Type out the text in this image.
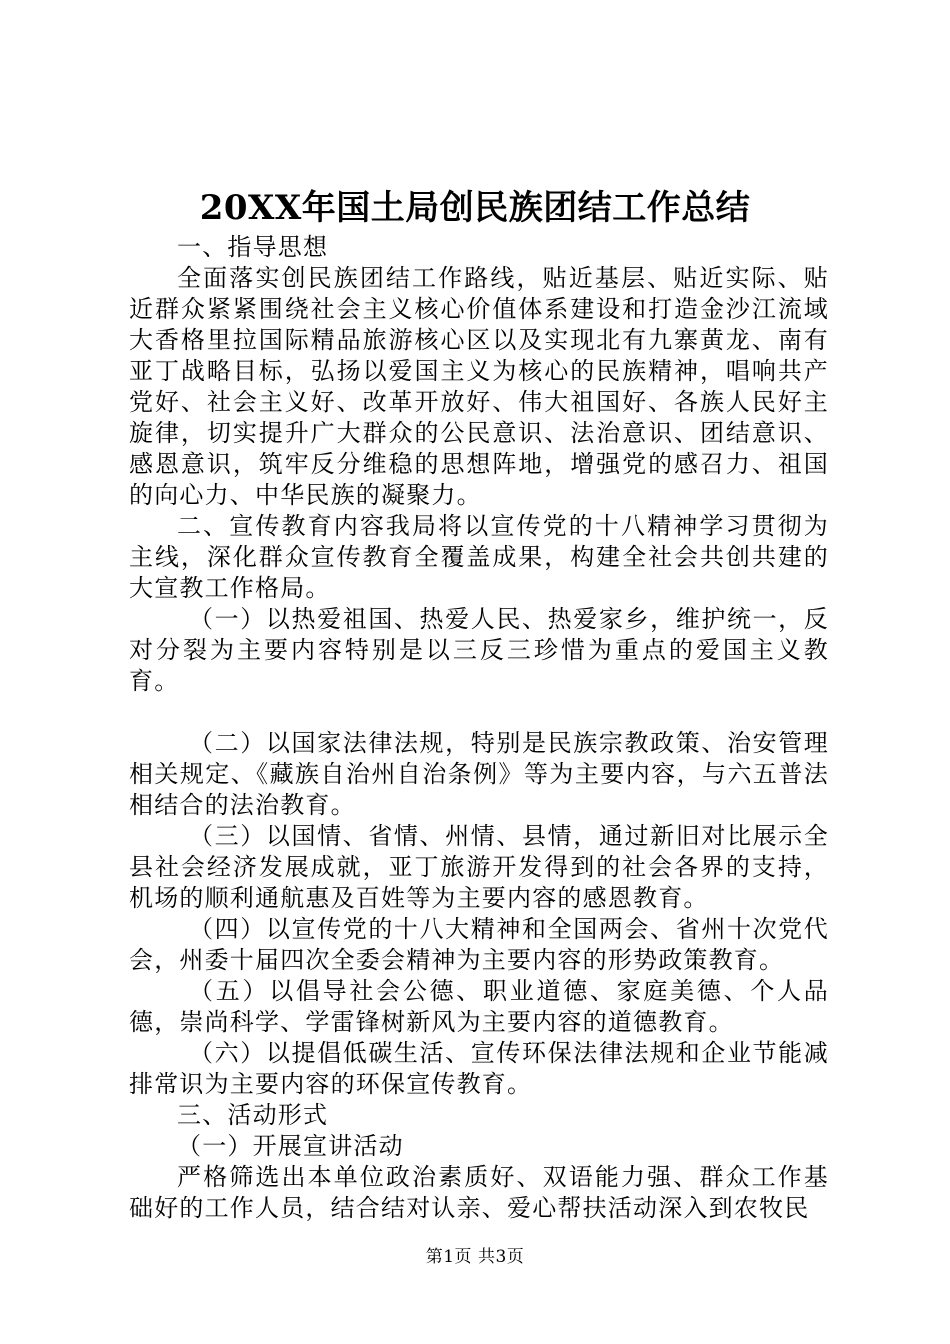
20XX年国土局创民族团结工作总结

一、指导思想

全面落实创民族团结工作路线，贴近基层、贴近实际、贴近群众紧紧围绕社会主义核心价值体系建设和打造金沙江流域大香格里拉国际精品旅游核心区以及实现北有九寨黄龙、南有亚丁战略目标，弘扬以爱国主义为核心的民族精神，唱响共产党好、社会主义好、改革开放好、伟大祖国好、各族人民好主旋律，切实提升广大群众的公民意识、法治意识、团结意识、感恩意识，筑牢反分维稳的思想阵地，增强党的感召力、祖国的向心力、中华民族的凝聚力。

二、宣传教育内容我局将以宣传党的十八精神学习贯彻为主线，深化群众宣传教育全覆盖成果，构建全社会共创共建的大宣教工作格局。

（一）以热爱祖国、热爱人民、热爱家乡，维护统一，反对分裂为主要内容特别是以三反三珍惜为重点的爱国主义教育。

（二）以国家法律法规，特别是民族宗教政策、治安管理相关规定、《藏族自治州自治条例》等为主要内容，与六五普法相结合的法治教育。

（三）以国情、省情、州情、县情，通过新旧对比展示全县社会经济发展成就，亚丁旅游开发得到的社会各界的支持，机场的顺利通航惠及百姓等为主要内容的感恩教育。

（四）以宣传党的十八大精神和全国两会、省州十次党代会，州委十届四次全委会精神为主要内容的形势政策教育。

（五）以倡导社会公德、职业道德、家庭美德、个人品德，崇尚科学、学雷锋树新风为主要内容的道德教育。

（六）以提倡低碳生活、宣传环保法律法规和企业节能减排常识为主要内容的环保宣传教育。

三、活动形式

（一）开展宣讲活动

严格筛选出本单位政治素质好、双语能力强、群众工作基础好的工作人员，结合结对认亲、爱心帮扶活动深入到农牧民

第1页 共3页
